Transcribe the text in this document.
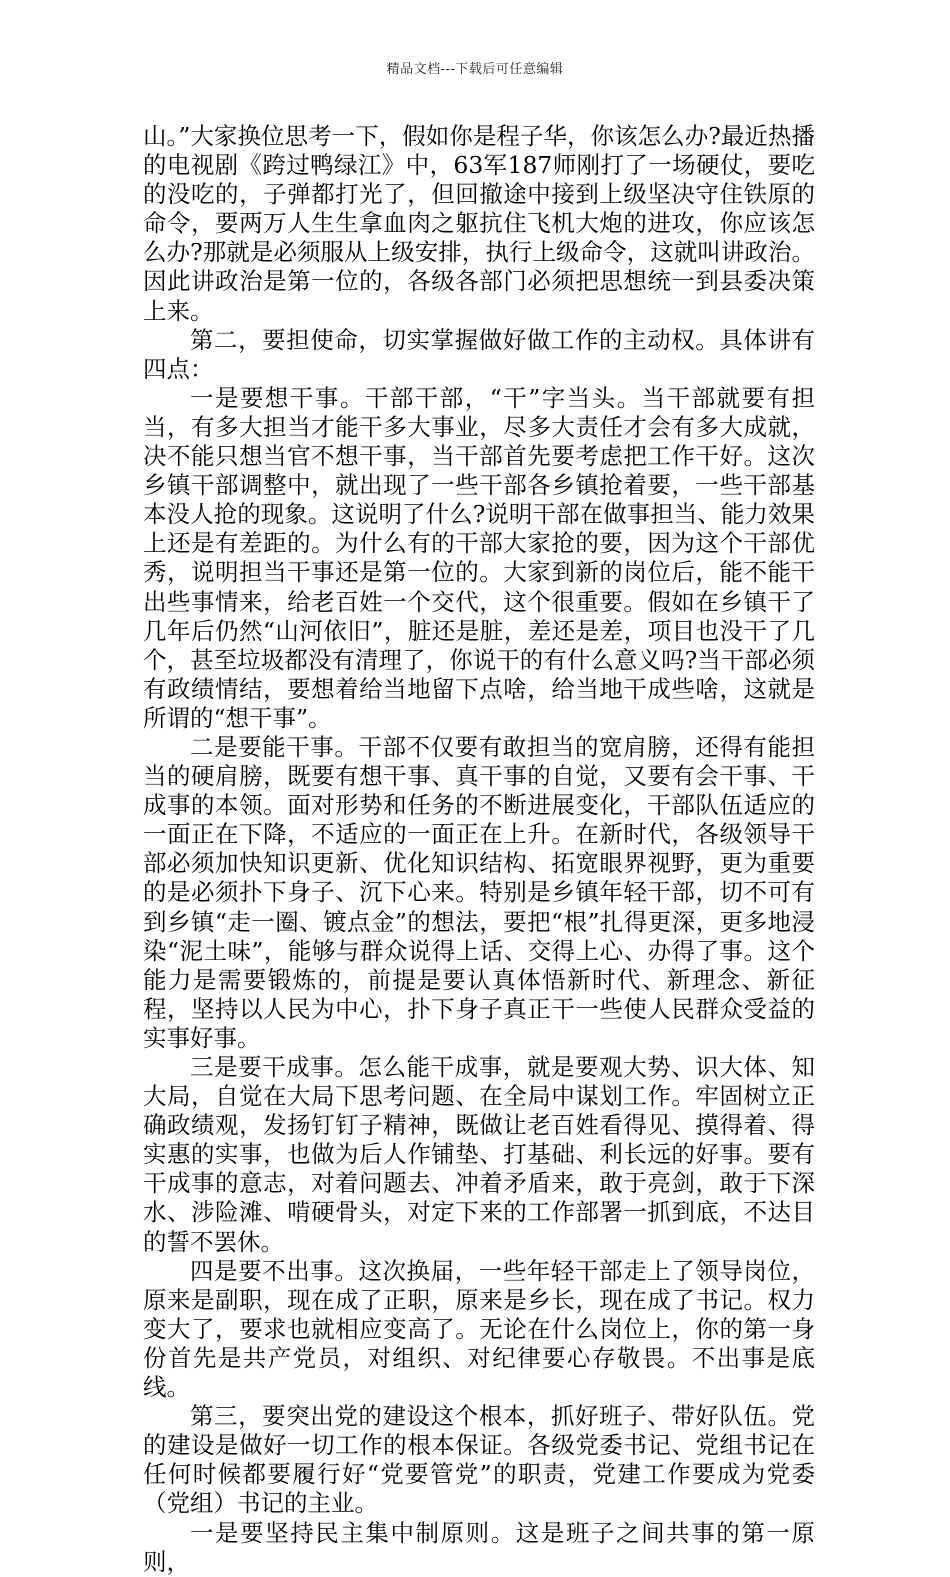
精品文档---下载后可任意编辑

山。”大家换位思考一下，假如你是程子华，你该怎么办?最近热播的电视剧《跨过鸭绿江》中，63军187师刚打了一场硬仗，要吃的没吃的，子弹都打光了，但回撤途中接到上级坚决守住铁原的命令，要两万人生生拿血肉之躯抗住飞机大炮的进攻，你应该怎么办?那就是必须服从上级安排，执行上级命令，这就叫讲政治。因此讲政治是第一位的，各级各部门必须把思想统一到县委决策上来。

第二，要担使命，切实掌握做好做工作的主动权。具体讲有四点：

一是要想干事。干部干部，“干”字当头。当干部就要有担当，有多大担当才能干多大事业，尽多大责任才会有多大成就，决不能只想当官不想干事，当干部首先要考虑把工作干好。这次乡镇干部调整中，就出现了一些干部各乡镇抢着要，一些干部基本没人抢的现象。这说明了什么?说明干部在做事担当、能力效果上还是有差距的。为什么有的干部大家抢的要，因为这个干部优秀，说明担当干事还是第一位的。大家到新的岗位后，能不能干出些事情来，给老百姓一个交代，这个很重要。假如在乡镇干了几年后仍然“山河依旧”，脏还是脏，差还是差，项目也没干了几个，甚至垃圾都没有清理了，你说干的有什么意义吗?当干部必须有政绩情结，要想着给当地留下点啥，给当地干成些啥，这就是所谓的“想干事”。

二是要能干事。干部不仅要有敢担当的宽肩膀，还得有能担当的硬肩膀，既要有想干事、真干事的自觉，又要有会干事、干成事的本领。面对形势和任务的不断进展变化，干部队伍适应的一面正在下降，不适应的一面正在上升。在新时代，各级领导干部必须加快知识更新、优化知识结构、拓宽眼界视野，更为重要的是必须扑下身子、沉下心来。特别是乡镇年轻干部，切不可有到乡镇“走一圈、镀点金”的想法，要把“根”扎得更深，更多地浸染“泥土味”，能够与群众说得上话、交得上心、办得了事。这个能力是需要锻炼的，前提是要认真体悟新时代、新理念、新征程，坚持以人民为中心，扑下身子真正干一些使人民群众受益的实事好事。

三是要干成事。怎么能干成事，就是要观大势、识大体、知大局，自觉在大局下思考问题、在全局中谋划工作。牢固树立正确政绩观，发扬钉钉子精神，既做让老百姓看得见、摸得着、得实惠的实事，也做为后人作铺垫、打基础、利长远的好事。要有干成事的意志，对着问题去、冲着矛盾来，敢于亮剑，敢于下深水、涉险滩、啃硬骨头，对定下来的工作部署一抓到底，不达目的誓不罢休。

四是要不出事。这次换届，一些年轻干部走上了领导岗位，原来是副职，现在成了正职，原来是乡长，现在成了书记。权力变大了，要求也就相应变高了。无论在什么岗位上，你的第一身份首先是共产党员，对组织、对纪律要心存敬畏。不出事是底线。

第三，要突出党的建设这个根本，抓好班子、带好队伍。党的建设是做好一切工作的根本保证。各级党委书记、党组书记在任何时候都要履行好“党要管党”的职责，党建工作要成为党委（党组）书记的主业。

一是要坚持民主集中制原则。这是班子之间共事的第一原则，
